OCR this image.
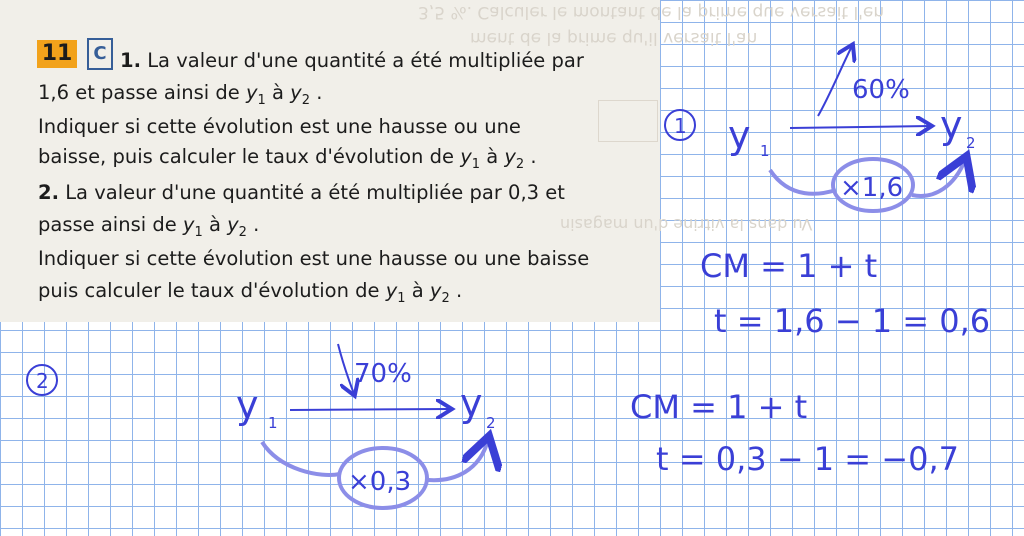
3,5 %. Calculer le montant de la prime que versait l'en
ment de la prime qu'il versait l'an
Vu dans la vitrine d'un magasin
11	C 1. La valeur d'une quantité a été multipliée par
1,6 et passe ainsi de $y_1$ à $y_2$ .
Indiquer si cette évolution est une hausse ou une
baisse, puis calculer le taux d'évolution de $y_1$ à $y_2$ .
2. La valeur d'une quantité a été multipliée par 0,3 et
passe ainsi de $y_1$ à $y_2$ .
Indiquer si cette évolution est une hausse ou une baisse
puis calculer le taux d'évolution de $y_1$ à $y_2$ .
1 y 1
y 2
60%
×1,6
CM = 1 + t
t = 1,6 − 1 = 0,6
2
y 1	y 2
70%
×0,3
CM = 1 + t
t = 0,3 − 1 = −0,7
